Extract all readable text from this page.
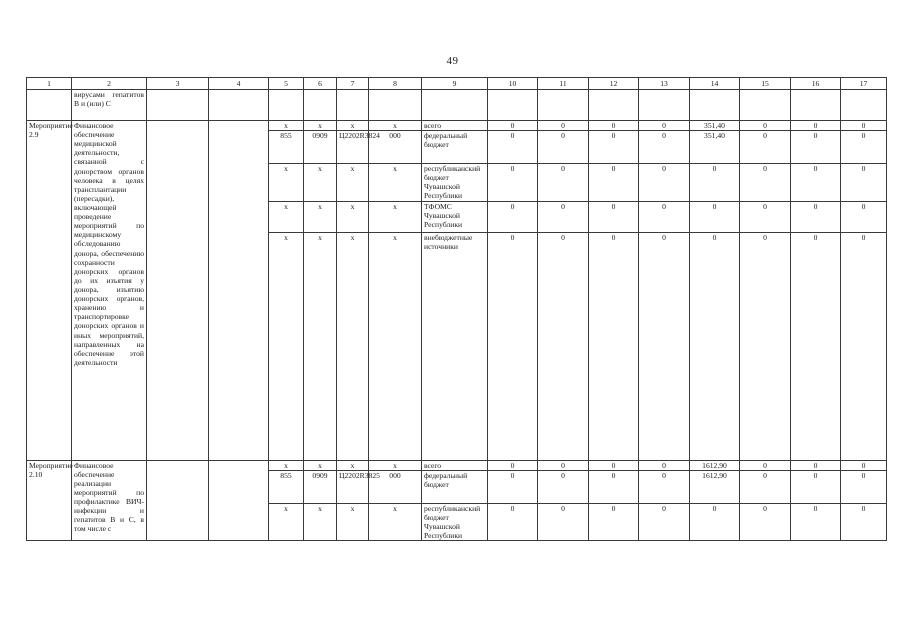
49
1	2	3	4	5	6	7	8	9	10	11	12	13	14	15	16	17
	вирусами гепатитов В и (или) С															
Мероприятие 2.9	Финансовое обеспечение медицинской деятельности, связанной с донорством органов человека в целях трансплантации (пересадки), включающей проведение мероприятий по медицинскому обследованию донора, обеспечению сохранности донорских органов до их изъятия у донора, изъятию донорских органов, хранению и транспортировке донорских органов и иных мероприятий, направленных на обеспечение этой деятельности			x	x	x	x	всего	0	0	0	0	351,40	0	0	0
				855	0909	Ц2202R3824	000	федеральный бюджет	0	0	0	0	351,40	0	0	0
				x	x	x	x	республиканский бюджет Чувашской Республики	0	0	0	0	0	0	0	0
				x	x	x	x	ТФОМС Чувашской Республики	0	0	0	0	0	0	0	0
				x	x	x	x	внебюджетные источники	0	0	0	0	0	0	0	0
Мероприятие 2.10	Финансовое обеспечение реализации мероприятий по профилактике ВИЧ-инфекции и гепатитов В и С, в том числе с			x	x	x	x	всего	0	0	0	0	1612,90	0	0	0
				855	0909	Ц2202R3825	000	федеральный бюджет	0	0	0	0	1612,90	0	0	0
				x	x	x	x	республиканский бюджет Чувашской Республики	0	0	0	0	0	0	0	0
